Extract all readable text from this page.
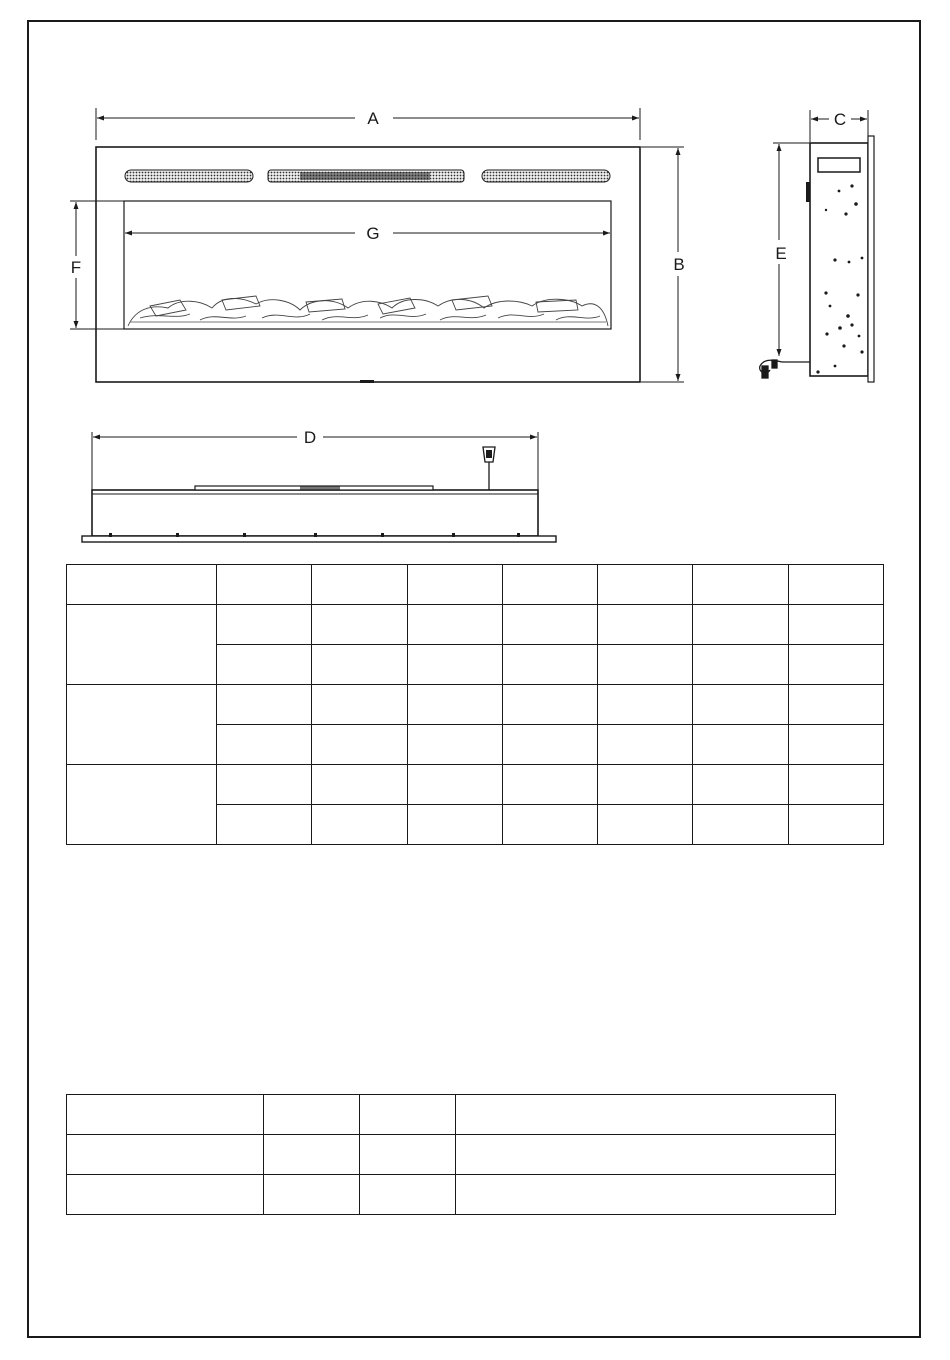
A
G
F	B
C
E
D
